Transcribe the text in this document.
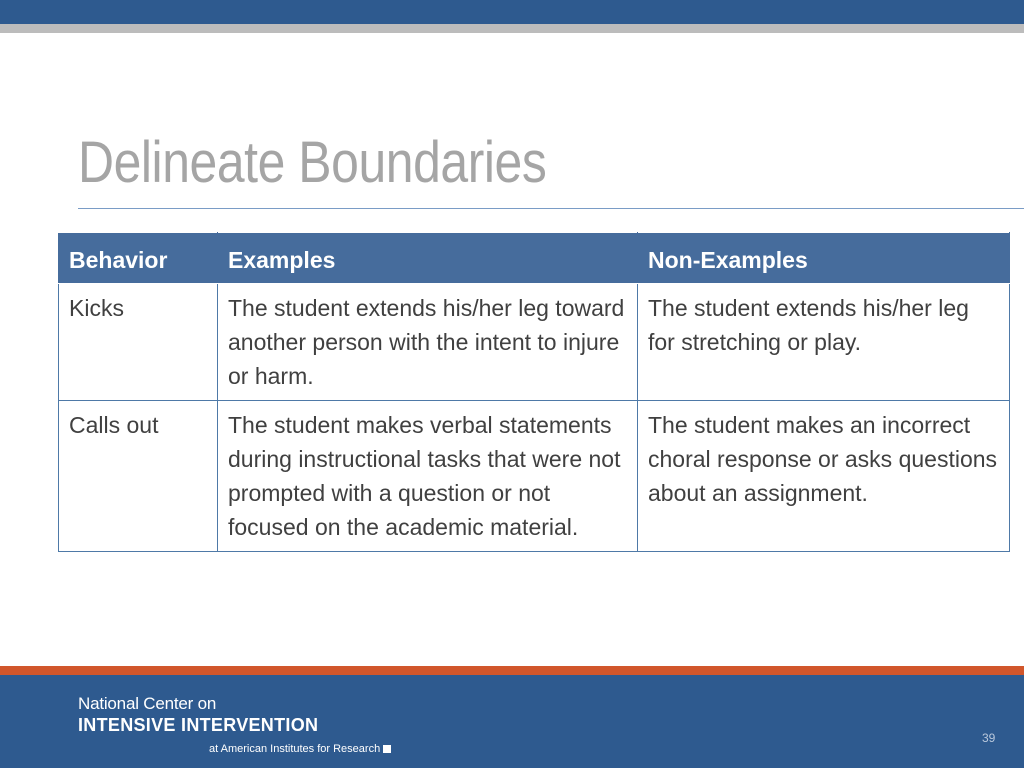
Delineate Boundaries
Behavior	Examples	Non-Examples
Kicks	The student extends his/her leg toward another person with the intent to injure or harm.	The student extends his/her leg for stretching or play.
Calls out	The student makes verbal statements during instructional tasks that were not prompted with a question or not focused on the academic material.	The student makes an incorrect choral response or asks questions about an assignment.
National Center on
INTENSIVE INTERVENTION
at American Institutes for Research
39
